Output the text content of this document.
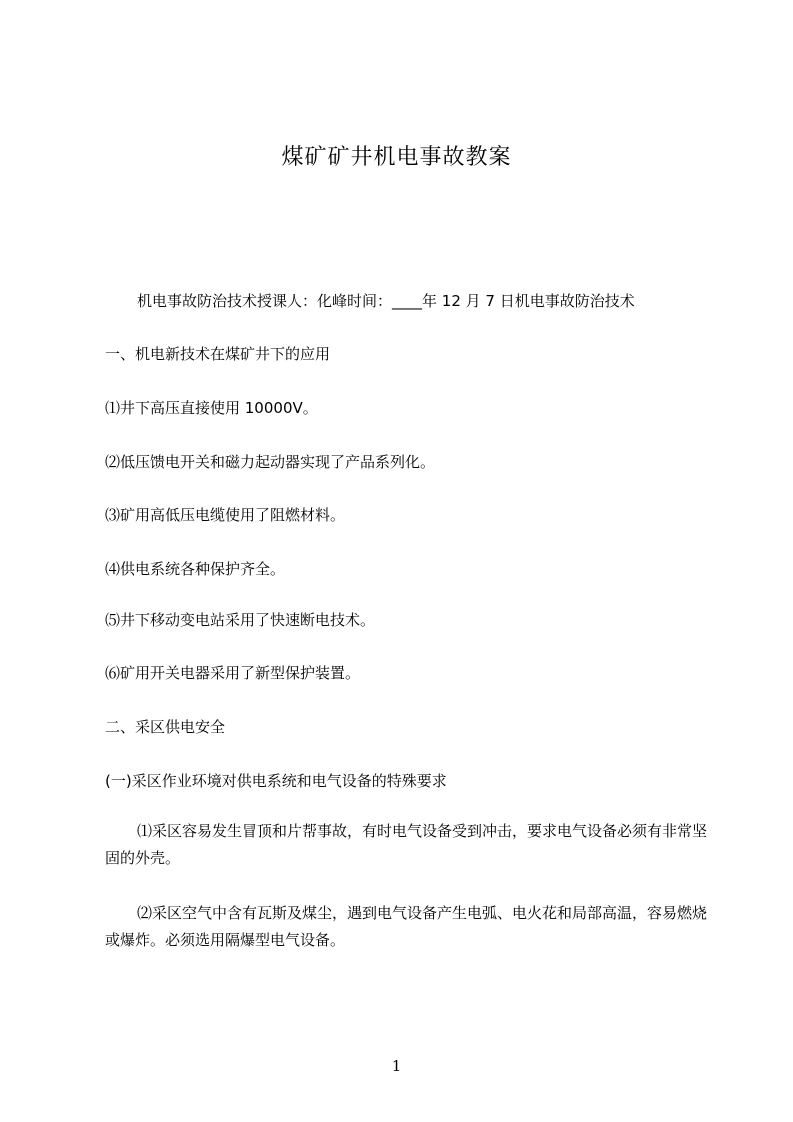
煤矿矿井机电事故教案

机电事故防治技术授课人：化峰时间：____年 12 月 7 日机电事故防治技术

一、机电新技术在煤矿井下的应用

⑴井下高压直接使用 10000V。

⑵低压馈电开关和磁力起动器实现了产品系列化。

⑶矿用高低压电缆使用了阻燃材料。

⑷供电系统各种保护齐全。

⑸井下移动变电站采用了快速断电技术。

⑹矿用开关电器采用了新型保护装置。

二、采区供电安全

(一)采区作业环境对供电系统和电气设备的特殊要求

⑴采区容易发生冒顶和片帮事故，有时电气设备受到冲击，要求电气设备必须有非常坚固的外壳。

⑵采区空气中含有瓦斯及煤尘，遇到电气设备产生电弧、电火花和局部高温，容易燃烧或爆炸。必须选用隔爆型电气设备。

1
